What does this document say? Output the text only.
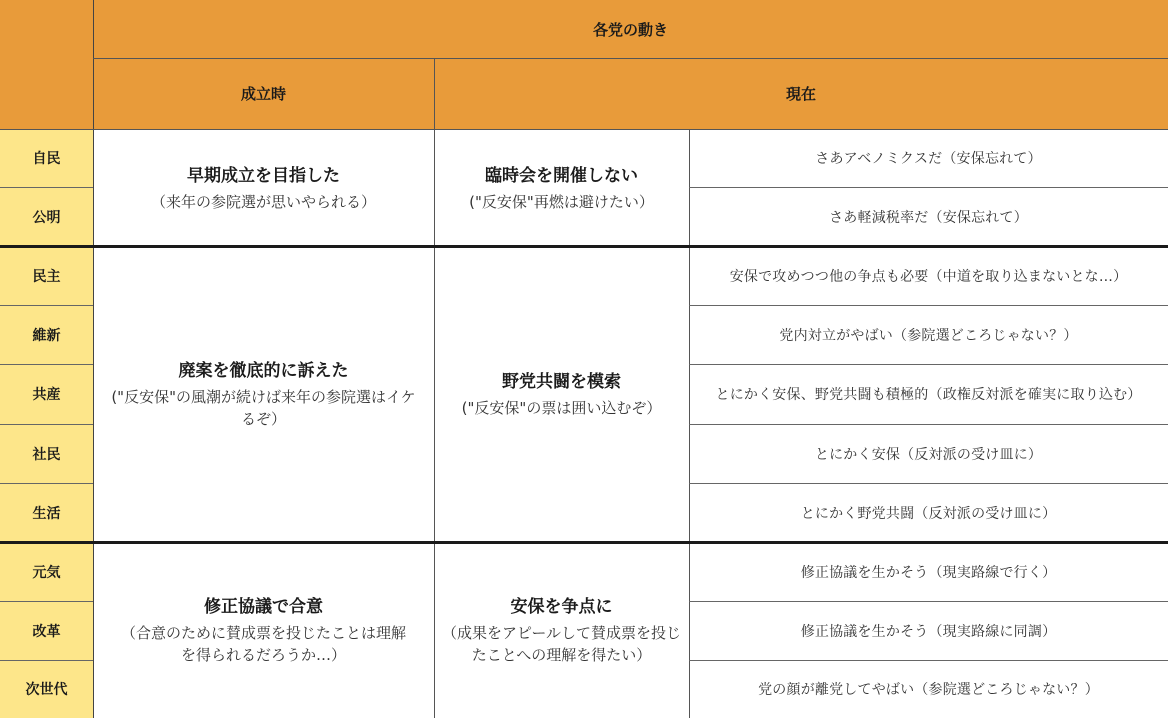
各党の動き
成立時	現在
自民
公明
民主
維新
共産
社民
生活
元気
改革
次世代
早期成立を目指した
（来年の参院選が思いやられる）
臨時会を開催しない
("反安保"再燃は避けたい）
廃案を徹底的に訴えた
("反安保"の風潮が続けば来年の参院選はイケるぞ）
野党共闘を模索
("反安保"の票は囲い込むぞ）
修正協議で合意
（合意のために賛成票を投じたことは理解を得られるだろうか…）
安保を争点に
（成果をアピールして賛成票を投じたことへの理解を得たい）
さあアベノミクスだ（安保忘れて）
さあ軽減税率だ（安保忘れて）
安保で攻めつつ他の争点も必要（中道を取り込まないとな…）
党内対立がやばい（参院選どころじゃない？）
とにかく安保、野党共闘も積極的（政権反対派を確実に取り込む）
とにかく安保（反対派の受け皿に）
とにかく野党共闘（反対派の受け皿に）
修正協議を生かそう（現実路線で行く）
修正協議を生かそう（現実路線に同調）
党の顔が離党してやばい（参院選どころじゃない？）
